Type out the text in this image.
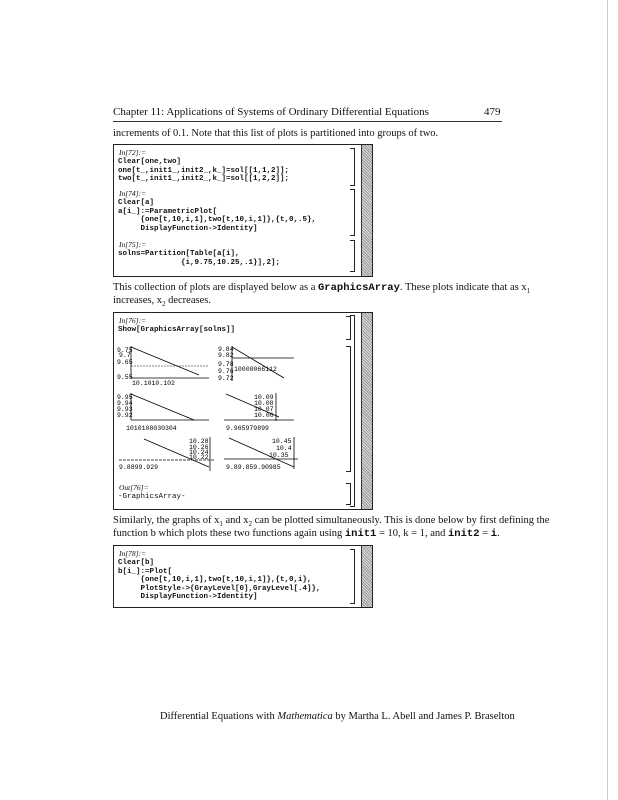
Chapter 11: Applications of Systems of Ordinary Differential Equations	479
increments of 0.1. Note that this list of plots is partitioned into groups of two.
In[72]:=
Clear[one,two]
one[t_,init1_,init2_,k_]=sol[[1,1,2]];
two[t_,init1_,init2_,k_]=sol[[1,2,2]];
In[74]:=
Clear[a]
a[i_]:=ParametricPlot[
{one[t,10,i,1],two[t,10,i,1]},{t,0,.5},
DisplayFunction->Identity]
In[75]:=
solns=Partition[Table[a[i],
{i,9.75,10.25,.1}],2];
This collection of plots are displayed below as a GraphicsArray. These plots indicate that as $x_1$
increases, $x_2$ decreases.
In[76]:=
Show[GraphicsArray[solns]]
9.75
9.7
9.65
9.55
10.1010.102
9.84
9.82
9.78
9.76
9.72
10000066112
9.95
9.94
9.93
9.92
1010108030304
10.09
10.08
10.07
10.06
9.965979899
10.28
10.26
10.24
10.22
9.8899.929
10.45
10.4
10.35
9.89.859.90985
Out[76]=
-GraphicsArray-
Similarly, the graphs of $x_1$ and $x_2$ can be plotted simultaneously. This is done below by first defining the
function b which plots these two functions again using init1 = 10, k = 1, and init2 = i.
In[78]:=
Clear[b]
b[i_]:=Plot[
{one[t,10,i,1],two[t,10,i,1]},{t,0,i},
PlotStyle->{GrayLevel[0],GrayLevel[.4]},
DisplayFunction->Identity]
Differential Equations with Mathematica by Martha L. Abell and James P. Braselton
